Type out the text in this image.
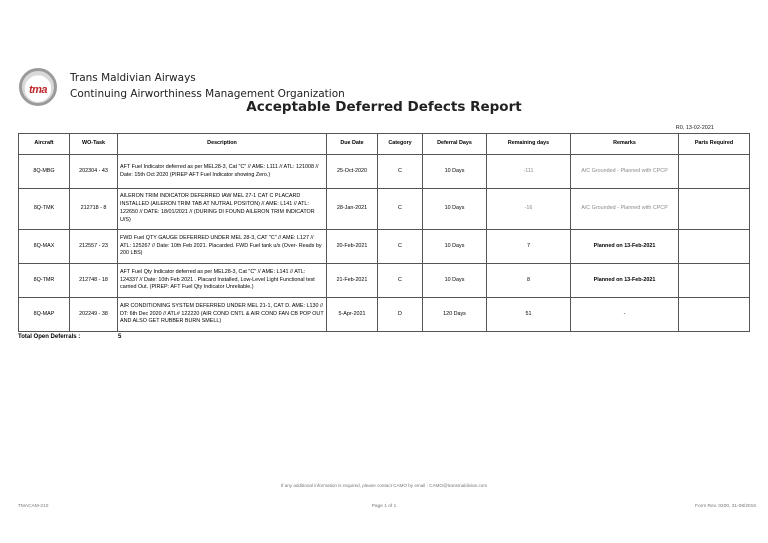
tma
Trans Maldivian Airways
Continuing Airworthiness Management Organization
Acceptable Deferred Defects Report
R0, 13-02-2021
Aircraft	WO-Task	Description	Due Date	Category	Deferral Days	Remaining days	Remarks	Parts Required
8Q-MBG	202304 - 43	AFT Fuel Indicator deferred as per MEL28-3, Cat "C" // AME: L111 // ATL: 121008 // Date: 15th Oct 2020 (PIREP AFT Fuel Indicator showing Zero.)	25-Oct-2020	C	10 Days	-111	A/C Grounded - Planned with CPCP	
8Q-TMK	212718 - 8	AILERON TRIM INDICATOR DEFERRED IAW MEL 27-1 CAT C PLACARD INSTALLED (AILERON TRIM TAB AT NUTRAL POSITON) // AME: L141 // ATL: 122650 // DATE: 18/01/2021 // (DURING DI FOUND AILERON TRIM INDICATOR U/S)	28-Jan-2021	C	10 Days	-16	A/C Grounded - Planned with CPCP	
8Q-MAX	212557 - 23	FWD Fuel QTY GAUGE DEFERRED UNDER MEL 28-3, CAT "C" // AME: L127 // ATL: 125267 // Date: 10th Feb 2021. Placarded. FWD Fuel tank u/s (Over- Reads by 200 LBS)	20-Feb-2021	C	10 Days	7	Planned on 13-Feb-2021	
8Q-TMR	212748 - 18	AFT Fuel Qty Indicator deferred as per MEL28-3, Cat "C" // AME: L141 // ATL: 124337 // Date: 10th Feb 2021 . Placard Installed, Low-Level Light Functional test carried Out. (PIREP: AFT Fuel Qty Indicator Unreliable.)	21-Feb-2021	C	10 Days	8	Planned on 13-Feb-2021	
8Q-MAP	202249 - 38	AIR CONDITIONING SYSTEM DEFERRED UNDER MEL 21-1, CAT D. AME: L130 // DT: 6th Dec 2020 // ATL# 122220 (AIR COND CNTL & AIR COND FAN CB POP OUT AND ALSO GET RUBBER BURN SMELL)	5-Apr-2021	D	120 Days	51	-	
Total Open Deferrals :	5
If any additional information is required, please contact CAMO by email : CAMO@transmaldivian.com
TMACAM-210	Page 1 of 1	Form Rev. 0200, 31-08/2016
